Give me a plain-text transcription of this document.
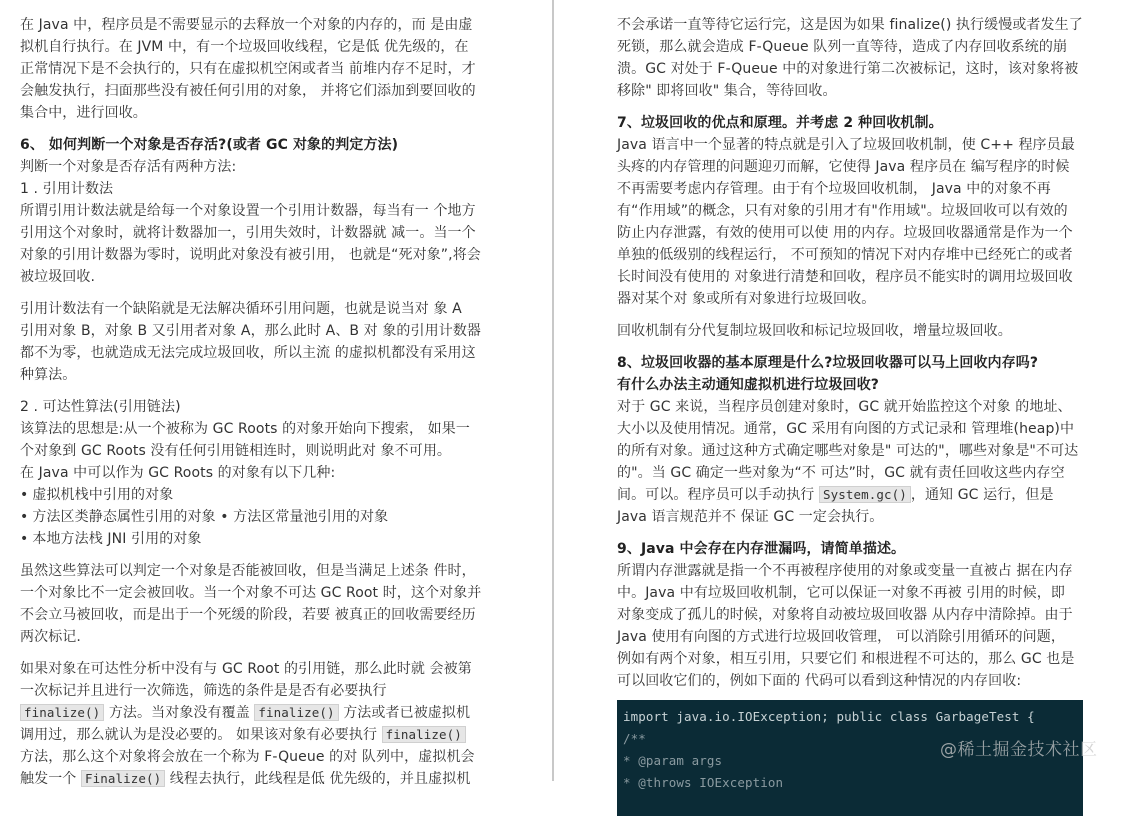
在 Java 中，程序员是不需要显示的去释放一个对象的内存的，而 是由虚
拟机自行执行。在 JVM 中，有一个垃圾回收线程，它是低 优先级的，在
正常情况下是不会执行的，只有在虚拟机空闲或者当 前堆内存不足时，才
会触发执行，扫面那些没有被任何引用的对象， 并将它们添加到要回收的
集合中，进行回收。

6、 如何判断一个对象是否存活?(或者 GC 对象的判定方法)

判断一个对象是否存活有两种方法:
1 . 引用计数法

所谓引用计数法就是给每一个对象设置一个引用计数器，每当有一 个地方
引用这个对象时，就将计数器加一，引用失效时，计数器就 减一。当一个
对象的引用计数器为零时，说明此对象没有被引用， 也就是“死对象”,将会
被垃圾回收.

引用计数法有一个缺陷就是无法解决循环引用问题，也就是说当对 象 A
引用对象 B，对象 B 又引用者对象 A，那么此时 A、B 对 象的引用计数器
都不为零，也就造成无法完成垃圾回收，所以主流 的虚拟机都没有采用这
种算法。

2 . 可达性算法(引用链法)
该算法的思想是:从一个被称为 GC Roots 的对象开始向下搜索， 如果一
个对象到 GC Roots 没有任何引用链相连时，则说明此对 象不可用。
在 Java 中可以作为 GC Roots 的对象有以下几种:
• 虚拟机栈中引用的对象
• 方法区类静态属性引用的对象 • 方法区常量池引用的对象
• 本地方法栈 JNI 引用的对象

虽然这些算法可以判定一个对象是否能被回收，但是当满足上述条 件时，
一个对象比不一定会被回收。当一个对象不可达 GC Root 时，这个对象并
不会立马被回收，而是出于一个死缓的阶段，若要 被真正的回收需要经历
两次标记.

如果对象在可达性分析中没有与 GC Root 的引用链，那么此时就 会被第
一次标记并且进行一次筛选，筛选的条件是是否有必要执行
finalize() 方法。当对象没有覆盖 finalize() 方法或者已被虚拟机
调用过，那么就认为是没必要的。 如果该对象有必要执行 finalize()
方法，那么这个对象将会放在一个称为 F-Queue 的对 队列中，虚拟机会
触发一个 Finalize() 线程去执行，此线程是低 优先级的，并且虚拟机

不会承诺一直等待它运行完，这是因为如果 finalize() 执行缓慢或者发生了
死锁，那么就会造成 F-Queue 队列一直等待，造成了内存回收系统的崩
溃。GC 对处于 F-Queue 中的对象进行第二次被标记，这时，该对象将被
移除" 即将回收" 集合，等待回收。

7、垃圾回收的优点和原理。并考虑 2 种回收机制。

Java 语言中一个显著的特点就是引入了垃圾回收机制，使 C++ 程序员最
头疼的内存管理的问题迎刃而解，它使得 Java 程序员在 编写程序的时候
不再需要考虑内存管理。由于有个垃圾回收机制， Java 中的对象不再
有“作用域”的概念，只有对象的引用才有"作用域"。垃圾回收可以有效的
防止内存泄露，有效的使用可以使 用的内存。垃圾回收器通常是作为一个
单独的低级别的线程运行， 不可预知的情况下对内存堆中已经死亡的或者
长时间没有使用的 对象进行清楚和回收，程序员不能实时的调用垃圾回收
器对某个对 象或所有对象进行垃圾回收。

回收机制有分代复制垃圾回收和标记垃圾回收，增量垃圾回收。

8、垃圾回收器的基本原理是什么?垃圾回收器可以马上回收内存吗?
有什么办法主动通知虚拟机进行垃圾回收?

对于 GC 来说，当程序员创建对象时，GC 就开始监控这个对象 的地址、
大小以及使用情况。通常，GC 采用有向图的方式记录和 管理堆(heap)中
的所有对象。通过这种方式确定哪些对象是" 可达的"，哪些对象是"不可达
的"。当 GC 确定一些对象为“不 可达”时，GC 就有责任回收这些内存空
间。可以。程序员可以手动执行 System.gc() ，通知 GC 运行，但是
Java 语言规范并不 保证 GC 一定会执行。

9、Java 中会存在内存泄漏吗，请简单描述。

所谓内存泄露就是指一个不再被程序使用的对象或变量一直被占 据在内存
中。Java 中有垃圾回收机制，它可以保证一对象不再被 引用的时候，即
对象变成了孤儿的时候，对象将自动被垃圾回收器 从内存中清除掉。由于
Java 使用有向图的方式进行垃圾回收管理， 可以消除引用循环的问题，
例如有两个对象，相互引用，只要它们 和根进程不可达的，那么 GC 也是
可以回收它们的，例如下面的 代码可以看到这种情况的内存回收:

import java.io.IOException; public class GarbageTest {
/**
* @param args
* @throws IOException
@稀土掘金技术社区
